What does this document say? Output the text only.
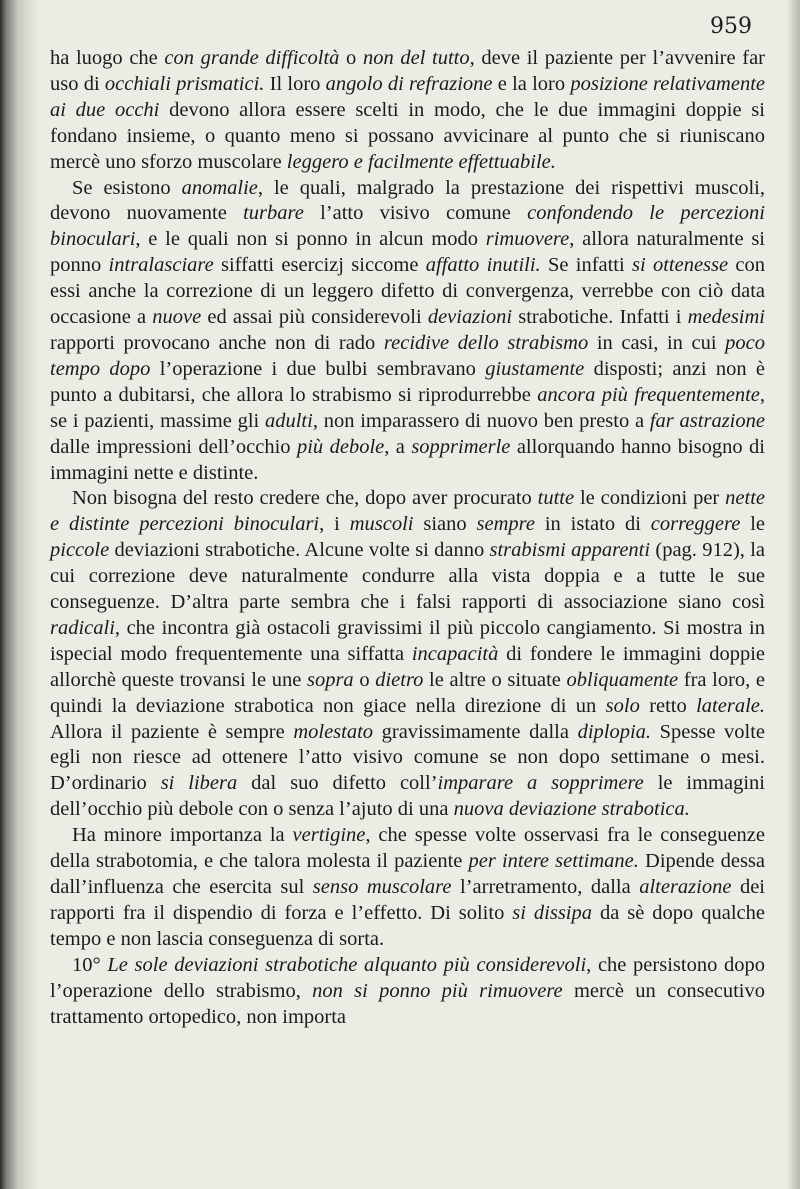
959

ha luogo che con grande difficoltà o non del tutto, deve il paziente per l’avvenire far uso di occhiali prismatici. Il loro angolo di refrazione e la loro posizione relativamente ai due occhi devono allora essere scelti in modo, che le due immagini doppie si fondano insieme, o quanto meno si possano avvicinare al punto che si riuniscano mercè uno sforzo muscolare leggero e facilmente effettuabile.

Se esistono anomalie, le quali, malgrado la prestazione dei rispettivi muscoli, devono nuovamente turbare l’atto visivo comune confondendo le percezioni binoculari, e le quali non si ponno in alcun modo rimuovere, allora naturalmente si ponno intralasciare siffatti esercizj siccome affatto inutili. Se infatti si ottenesse con essi anche la correzione di un leggero difetto di convergenza, verrebbe con ciò data occasione a nuove ed assai più considerevoli deviazioni strabotiche. Infatti i medesimi rapporti provocano anche non di rado recidive dello strabismo in casi, in cui poco tempo dopo l’operazione i due bulbi sembravano giustamente disposti; anzi non è punto a dubitarsi, che allora lo strabismo si riprodurrebbe ancora più frequentemente, se i pazienti, massime gli adulti, non imparassero di nuovo ben presto a far astrazione dalle impressioni dell’occhio più debole, a sopprimerle allorquando hanno bisogno di immagini nette e distinte.

Non bisogna del resto credere che, dopo aver procurato tutte le condizioni per nette e distinte percezioni binoculari, i muscoli siano sempre in istato di correggere le piccole deviazioni strabotiche. Alcune volte si danno strabismi apparenti (pag. 912), la cui correzione deve naturalmente condurre alla vista doppia e a tutte le sue conseguenze. D’altra parte sembra che i falsi rapporti di associazione siano così radicali, che incontra già ostacoli gravissimi il più piccolo cangiamento. Si mostra in ispecial modo frequentemente una siffatta incapacità di fondere le immagini doppie allorchè queste trovansi le une sopra o dietro le altre o situate obliquamente fra loro, e quindi la deviazione strabotica non giace nella direzione di un solo retto laterale. Allora il paziente è sempre molestato gravissimamente dalla diplopia. Spesse volte egli non riesce ad ottenere l’atto visivo comune se non dopo settimane o mesi. D’ordinario si libera dal suo difetto coll’imparare a sopprimere le immagini dell’occhio più debole con o senza l’ajuto di una nuova deviazione strabotica.

Ha minore importanza la vertigine, che spesse volte osservasi fra le conseguenze della strabotomia, e che talora molesta il paziente per intere settimane. Dipende dessa dall’influenza che esercita sul senso muscolare l’arretramento, dalla alterazione dei rapporti fra il dispendio di forza e l’effetto. Di solito si dissipa da sè dopo qualche tempo e non lascia conseguenza di sorta.

10° Le sole deviazioni strabotiche alquanto più considerevoli, che persistono dopo l’operazione dello strabismo, non si ponno più rimuovere mercè un consecutivo trattamento ortopedico, non importa
